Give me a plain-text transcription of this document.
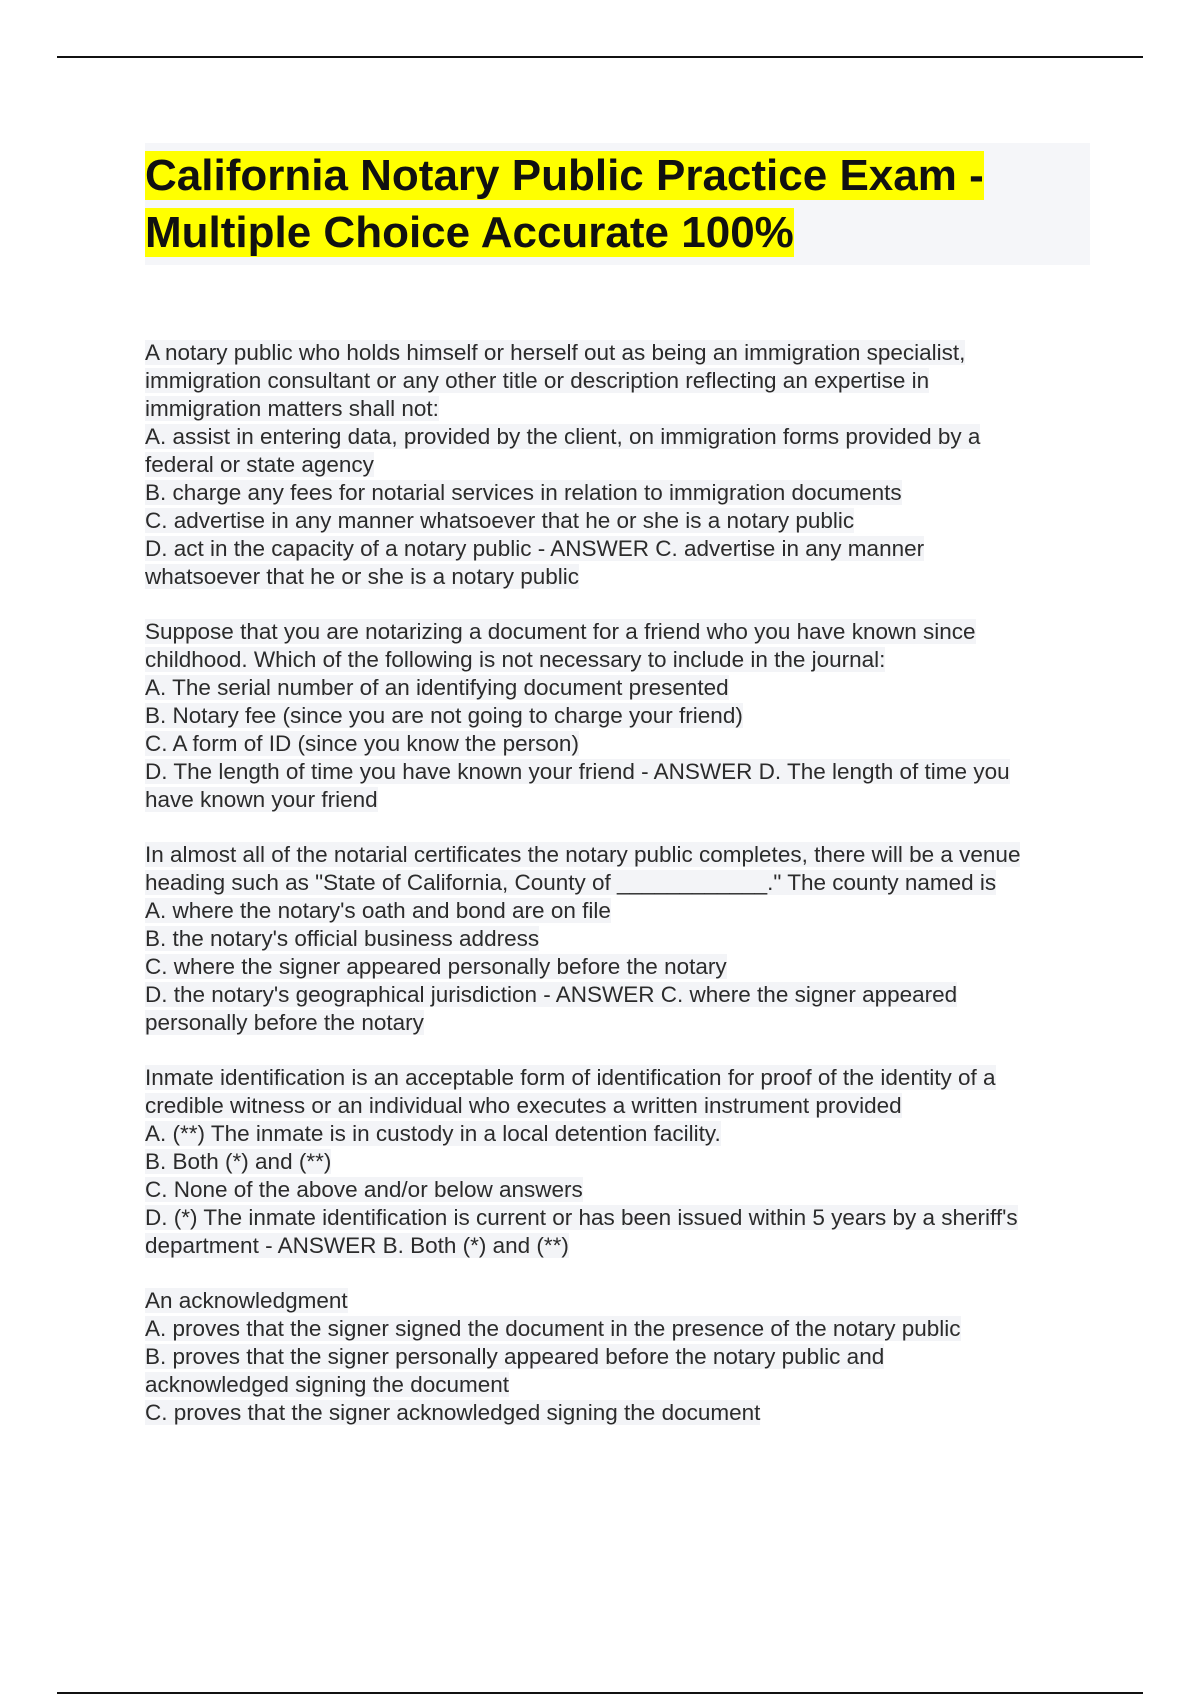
California Notary Public Practice Exam -
Multiple Choice Accurate 100%
A notary public who holds himself or herself out as being an immigration specialist,
immigration consultant or any other title or description reflecting an expertise in
immigration matters shall not:
A. assist in entering data, provided by the client, on immigration forms provided by a
federal or state agency
B. charge any fees for notarial services in relation to immigration documents
C. advertise in any manner whatsoever that he or she is a notary public
D. act in the capacity of a notary public - ANSWER C. advertise in any manner
whatsoever that he or she is a notary public
Suppose that you are notarizing a document for a friend who you have known since
childhood. Which of the following is not necessary to include in the journal:
A. The serial number of an identifying document presented
B. Notary fee (since you are not going to charge your friend)
C. A form of ID (since you know the person)
D. The length of time you have known your friend - ANSWER D. The length of time you
have known your friend
In almost all of the notarial certificates the notary public completes, there will be a venue
heading such as "State of California, County of ____________." The county named is
A. where the notary's oath and bond are on file
B. the notary's official business address
C. where the signer appeared personally before the notary
D. the notary's geographical jurisdiction - ANSWER C. where the signer appeared
personally before the notary
Inmate identification is an acceptable form of identification for proof of the identity of a
credible witness or an individual who executes a written instrument provided
A. (**) The inmate is in custody in a local detention facility.
B. Both (*) and (**)
C. None of the above and/or below answers
D. (*) The inmate identification is current or has been issued within 5 years by a sheriff's
department - ANSWER B. Both (*) and (**)
An acknowledgment
A. proves that the signer signed the document in the presence of the notary public
B. proves that the signer personally appeared before the notary public and
acknowledged signing the document
C. proves that the signer acknowledged signing the document
